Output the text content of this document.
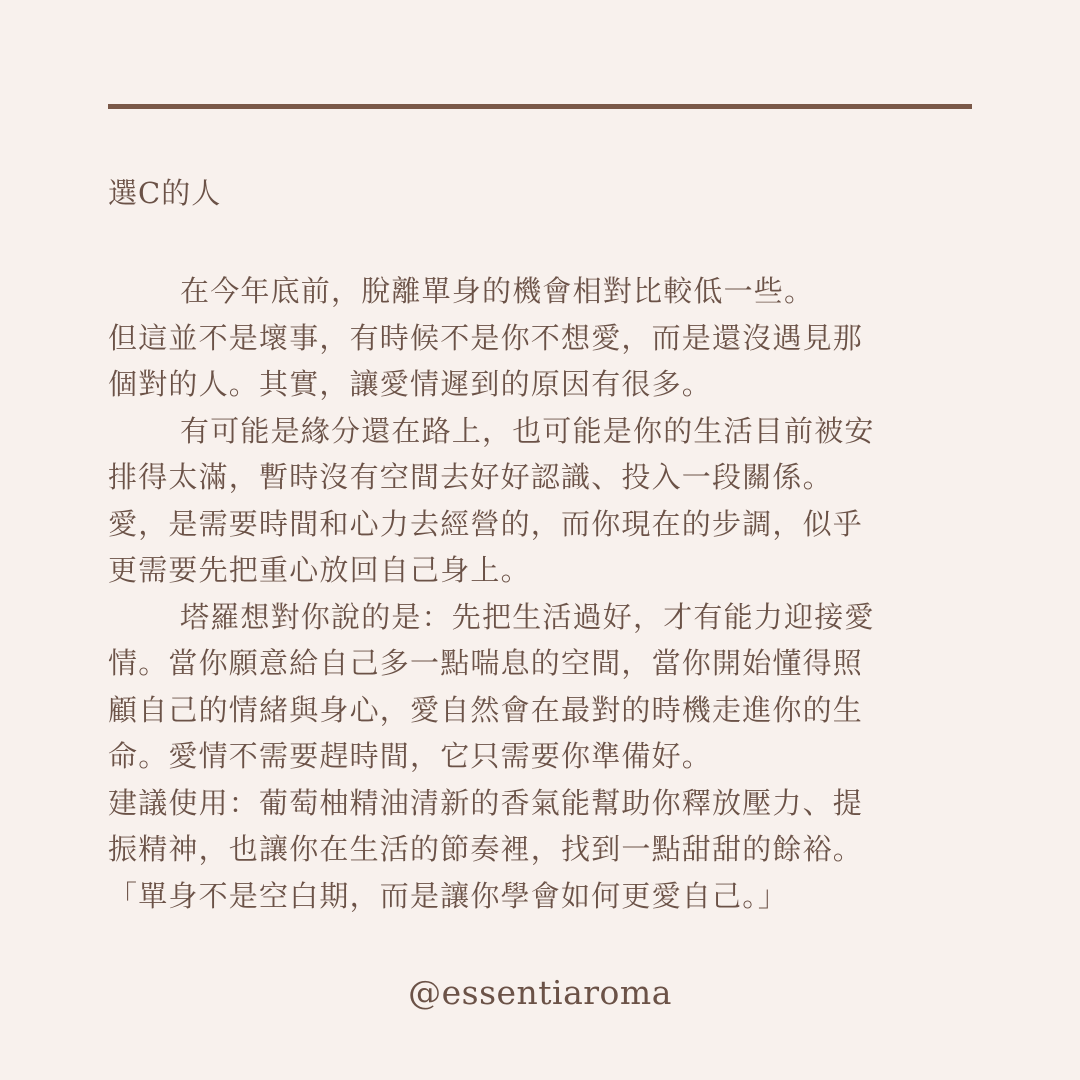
選C的人
在今年底前，脫離單身的機會相對比較低一些。
但這並不是壞事，有時候不是你不想愛，而是還沒遇見那
個對的人。其實，讓愛情遲到的原因有很多。
有可能是緣分還在路上，也可能是你的生活目前被安
排得太滿，暫時沒有空間去好好認識、投入一段關係。
愛，是需要時間和心力去經營的，而你現在的步調，似乎
更需要先把重心放回自己身上。
塔羅想對你說的是：先把生活過好，才有能力迎接愛
情。當你願意給自己多一點喘息的空間，當你開始懂得照
顧自己的情緒與身心，愛自然會在最對的時機走進你的生
命。愛情不需要趕時間，它只需要你準備好。
建議使用：葡萄柚精油清新的香氣能幫助你釋放壓力、提
振精神，也讓你在生活的節奏裡，找到一點甜甜的餘裕。
「單身不是空白期，而是讓你學會如何更愛自己。」
@essentiaroma
